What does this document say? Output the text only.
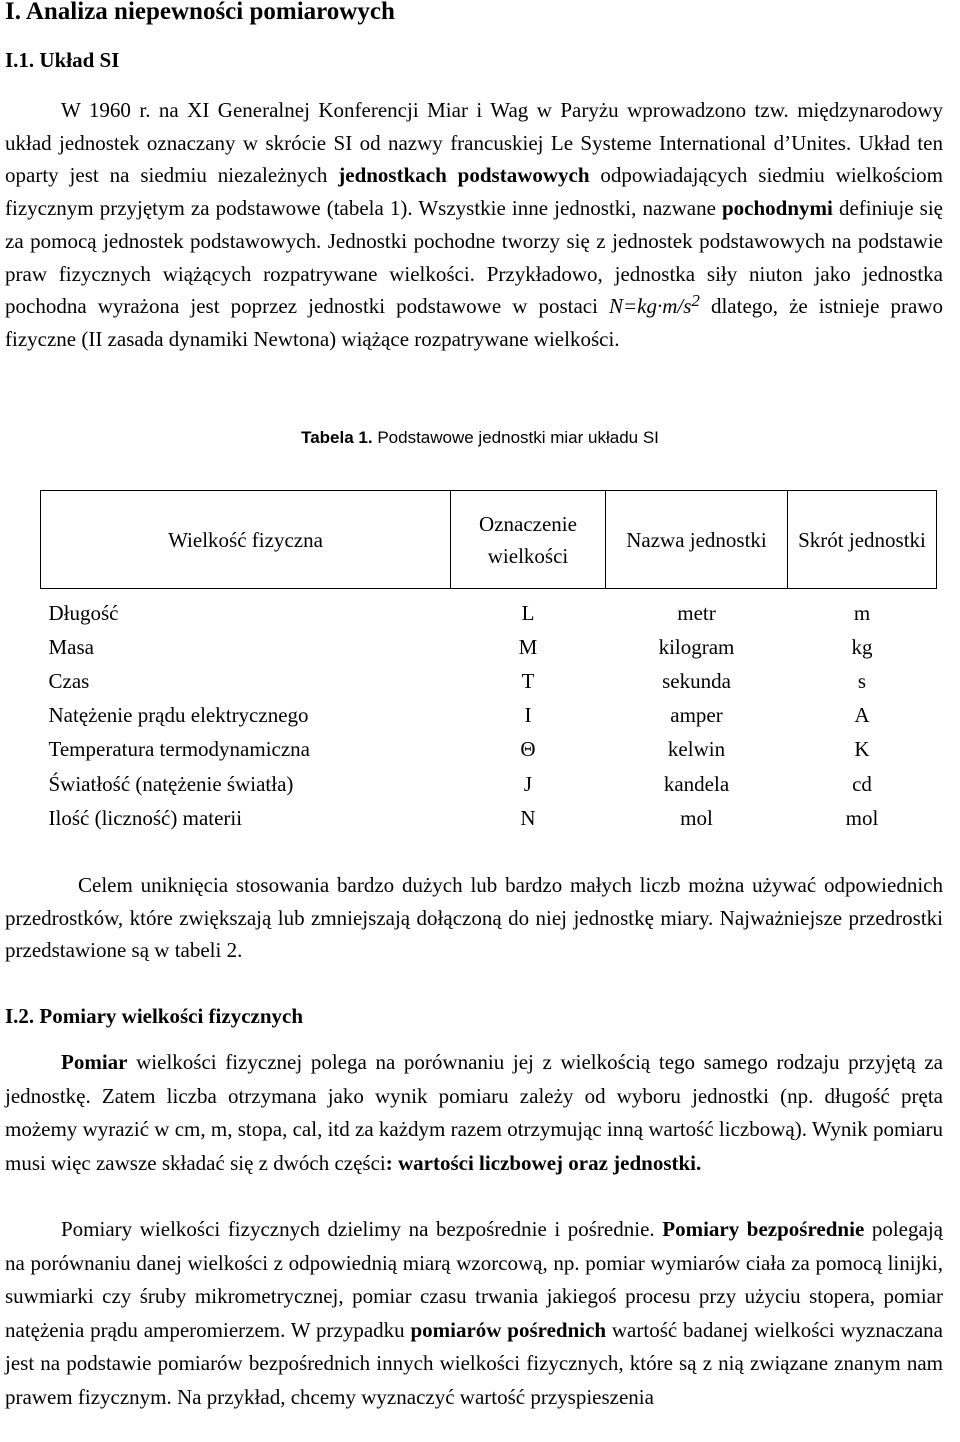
I. Analiza niepewności pomiarowych
I.1. Układ SI

W 1960 r. na XI Generalnej Konferencji Miar i Wag w Paryżu wprowadzono tzw. międzynarodowy układ jednostek oznaczany w skrócie SI od nazwy francuskiej Le Systeme International d’Unites. Układ ten oparty jest na siedmiu niezależnych jednostkach podstawowych odpowiadających siedmiu wielkościom fizycznym przyjętym za podstawowe (tabela 1). Wszystkie inne jednostki, nazwane pochodnymi definiuje się za pomocą jednostek podstawowych. Jednostki pochodne tworzy się z jednostek podstawowych na podstawie praw fizycznych wiążących rozpatrywane wielkości. Przykładowo, jednostka siły niuton jako jednostka pochodna wyrażona jest poprzez jednostki podstawowe w postaci $N=kg\cdot m/s^2$ dlatego, że istnieje prawo fizyczne (II zasada dynamiki Newtona) wiążące rozpatrywane wielkości.

Tabela 1. Podstawowe jednostki miar układu SI
Wielkość fizyczna	Oznaczenie wielkości	Nazwa jednostki	Skrót jednostki

Długość	L	metr	m
Masa	M	kilogram	kg
Czas	T	sekunda	s
Natężenie prądu elektrycznego	I	amper	A
Temperatura termodynamiczna	Θ	kelwin	K
Światłość (natężenie światła)	J	kandela	cd
Ilość (liczność) materii	N	mol	mol

Celem uniknięcia stosowania bardzo dużych lub bardzo małych liczb można używać odpowiednich przedrostków, które zwiększają lub zmniejszają dołączoną do niej jednostkę miary. Najważniejsze przedrostki przedstawione są w tabeli 2.

I.2. Pomiary wielkości fizycznych

Pomiar wielkości fizycznej polega na porównaniu jej z wielkością tego samego rodzaju przyjętą za jednostkę. Zatem liczba otrzymana jako wynik pomiaru zależy od wyboru jednostki (np. długość pręta możemy wyrazić w cm, m, stopa, cal, itd za każdym razem otrzymując inną wartość liczbową). Wynik pomiaru musi więc zawsze składać się z dwóch części: wartości liczbowej oraz jednostki.

Pomiary wielkości fizycznych dzielimy na bezpośrednie i pośrednie. Pomiary bezpośrednie polegają na porównaniu danej wielkości z odpowiednią miarą wzorcową, np. pomiar wymiarów ciała za pomocą linijki, suwmiarki czy śruby mikrometrycznej, pomiar czasu trwania jakiegoś procesu przy użyciu stopera, pomiar natężenia prądu amperomierzem. W przypadku pomiarów pośrednich wartość badanej wielkości wyznaczana jest na podstawie pomiarów bezpośrednich innych wielkości fizycznych, które są z nią związane znanym nam prawem fizycznym. Na przykład, chcemy wyznaczyć wartość przyspieszenia
